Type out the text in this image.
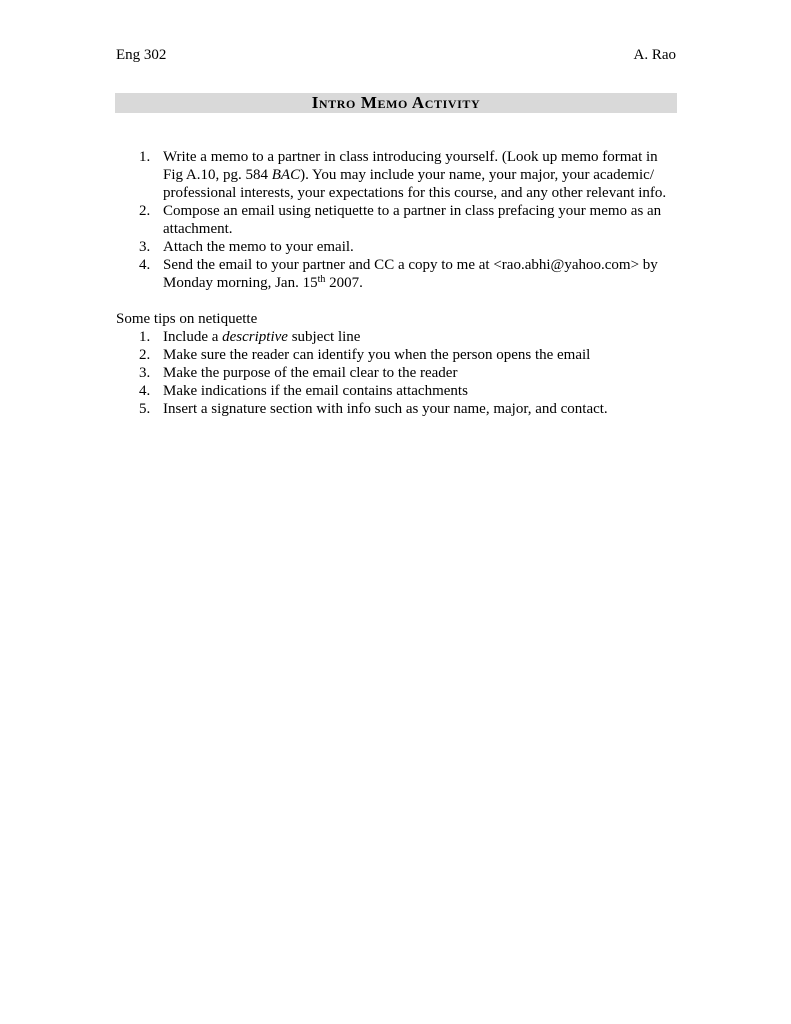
Eng 302	A. Rao
Intro Memo Activity
1. Write a memo to a partner in class introducing yourself. (Look up memo format in Fig A.10, pg. 584 BAC). You may include your name, your major, your academic/ professional interests, your expectations for this course, and any other relevant info.
2. Compose an email using netiquette to a partner in class prefacing your memo as an attachment.
3. Attach the memo to your email.
4. Send the email to your partner and CC a copy to me at <rao.abhi@yahoo.com> by Monday morning, Jan. 15th 2007.
Some tips on netiquette
1. Include a descriptive subject line
2. Make sure the reader can identify you when the person opens the email
3. Make the purpose of the email clear to the reader
4. Make indications if the email contains attachments
5. Insert a signature section with info such as your name, major, and contact.
